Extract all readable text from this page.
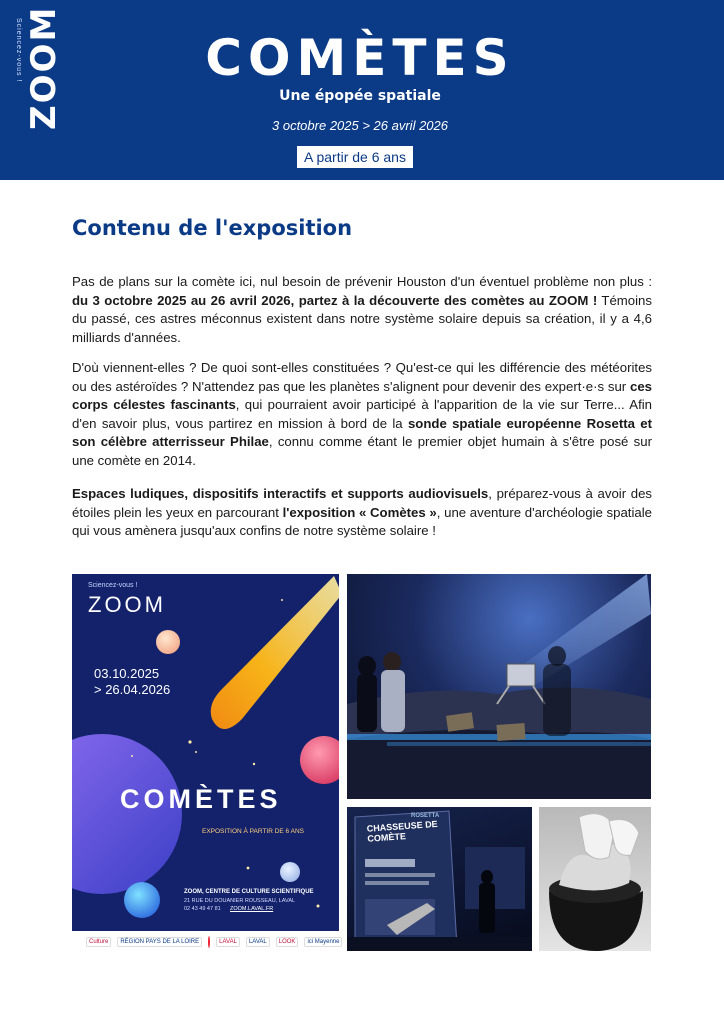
Sciencez-vous ! ZOOM	COMÈTES
Une épopée spatiale
3 octobre 2025 > 26 avril 2026
A partir de 6 ans
Contenu de l'exposition
Pas de plans sur la comète ici, nul besoin de prévenir Houston d'un éventuel problème non plus : du 3 octobre 2025 au 26 avril 2026, partez à la découverte des comètes au ZOOM ! Témoins du passé, ces astres méconnus existent dans notre système solaire depuis sa création, il y a 4,6 milliards d'années.
D'où viennent-elles ? De quoi sont-elles constituées ? Qu'est-ce qui les différencie des météorites ou des astéroïdes ? N'attendez pas que les planètes s'alignent pour devenir des expert·e·s sur ces corps célestes fascinants, qui pourraient avoir participé à l'apparition de la vie sur Terre... Afin d'en savoir plus, vous partirez en mission à bord de la sonde spatiale européenne Rosetta et son célèbre atterrisseur Philae, connu comme étant le premier objet humain à s'être posé sur une comète en 2014.
Espaces ludiques, dispositifs interactifs et supports audiovisuels, préparez-vous à avoir des étoiles plein les yeux en parcourant l'exposition « Comètes », une aventure d'archéologie spatiale qui vous amènera jusqu'aux confins de notre système solaire !
Sciencez-vous !
ZOOM
03.10.2025
> 26.04.2026
COMÈTES
EXPOSITION À PARTIR DE 6 ANS
ZOOM, CENTRE DE CULTURE SCIENTIFIQUE
21 RUE DU DOUANIER ROUSSEAU, LAVAL
02 43 49 47 81 ZOOM.LAVAL.FR
Culture	RÉGION PAYS DE LA LOIRE	LAVAL	LAVAL	LOOK	ici Mayenne
ROSETTA
CHASSEUSE DE COMÈTE
